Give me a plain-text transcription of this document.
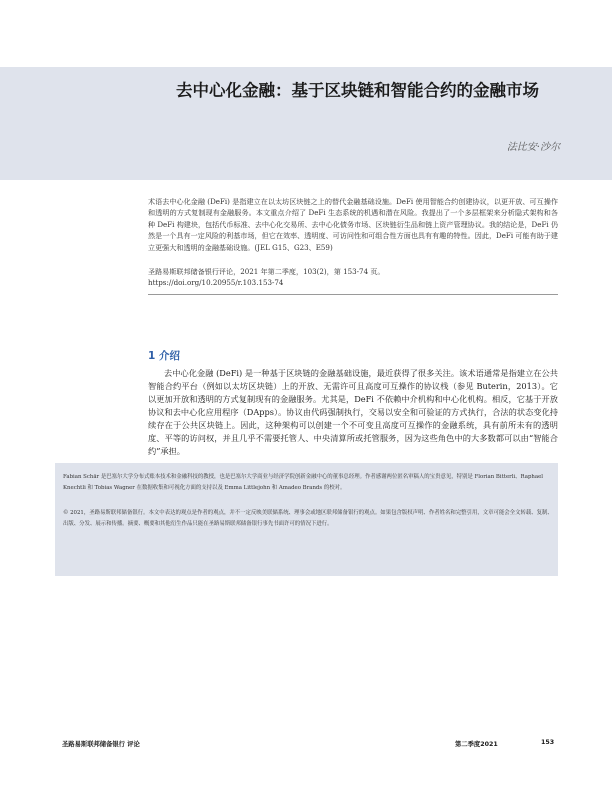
去中心化金融：基于区块链和智能合约的金融市场
法比安·沙尔

术语去中心化金融 (DeFi) 是指建立在以太坊区块链之上的替代金融基础设施。DeFi 使用智能合约创建协议，以更开放、可互操作和透明的方式复制现有金融服务。本文重点介绍了 DeFi 生态系统的机遇和潜在风险。我提出了一个多层框架来分析隐式架构和各种 DeFi 构建块，包括代币标准、去中心化交易所、去中心化债务市场、区块链衍生品和链上资产管理协议。我的结论是，DeFi 仍然是一个具有一定风险的利基市场，但它在效率、透明度、可访问性和可组合性方面也具有有趣的特性。因此，DeFi 可能有助于建立更强大和透明的金融基础设施。(JEL G15、G23、E59)

圣路易斯联邦储备银行评论，2021 年第二季度，103(2)，第 153-74 页。
https://doi.org/10.20955/r.103.153-74
1 介绍

去中心化金融 (DeFi) 是一种基于区块链的金融基础设施，最近获得了很多关注。该术语通常是指建立在公共智能合约平台（例如以太坊区块链）上的开放、无需许可且高度可互操作的协议栈（参见 Buterin，2013）。它以更加开放和透明的方式复制现有的金融服务。尤其是，DeFi 不依赖中介机构和中心化机构。相反，它基于开放协议和去中心化应用程序（DApps）。协议由代码强制执行，交易以安全和可验证的方式执行，合法的状态变化持续存在于公共区块链上。因此，这种架构可以创建一个不可变且高度可互操作的金融系统，具有前所未有的透明度、平等的访问权，并且几乎不需要托管人、中央清算所或托管服务，因为这些角色中的大多数都可以由“智能合约”承担。

Fabian Schär 是巴塞尔大学分布式账本技术和金融科技的教授，也是巴塞尔大学商业与经济学院创新金融中心的董事总经理。作者感谢两位匿名审稿人的宝贵意见，特别是 Florian Bitterli、Raphael Knechtli 和 Tobias Wagner 在数据收集和可视化方面的支持以及 Emma Littlejohn 和 Amadeo Brands 的校对。

© 2021，圣路易斯联邦储备银行。本文中表达的观点是作者的观点，并不一定反映美联储系统、理事会或地区联邦储备银行的观点。如果包含版权声明、作者姓名和完整引用，文章可能会全文转载、复制、出版、分发、展示和传播。摘要、概要和其他衍生作品只能在圣路易斯联邦储备银行事先书面许可的情况下进行。

圣路易斯联邦储备银行 评论	第二季度2021	153
